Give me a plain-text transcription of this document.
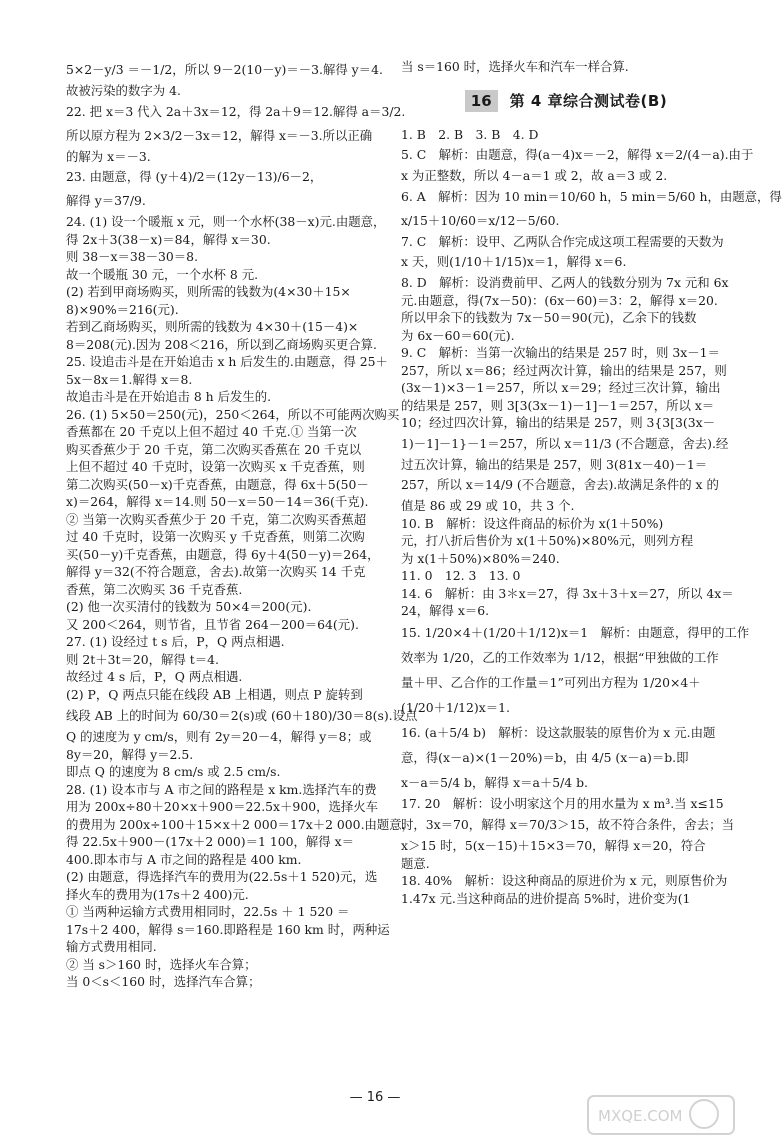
5×2－y/3 ＝－1/2，所以 9－2(10－y)＝－3.解得 y＝4.
故被污染的数字为 4.
22. 把 x＝3 代入 2a＋3x＝12，得 2a＋9＝12.解得 a＝3/2.
所以原方程为 2×3/2－3x＝12，解得 x＝－3.所以正确
的解为 x＝－3.
23. 由题意，得 (y＋4)/2＝(12y－13)/6－2，
解得 y＝37/9.
24. (1) 设一个暖瓶 x 元，则一个水杯(38－x)元.由题意，
得 2x＋3(38－x)＝84，解得 x＝30.
则 38－x＝38－30＝8.
故一个暖瓶 30 元，一个水杯 8 元.
(2) 若到甲商场购买，则所需的钱数为(4×30＋15×
8)×90%＝216(元).
若到乙商场购买，则所需的钱数为 4×30＋(15－4)×
8＝208(元).因为 208＜216，所以到乙商场购买更合算.
25. 设追击斗是在开始追击 x h 后发生的.由题意，得 25＋
5x－8x＝1.解得 x＝8.
故追击斗是在开始追击 8 h 后发生的.
26. (1) 5×50＝250(元)，250＜264，所以不可能两次购买
香蕉都在 20 千克以上但不超过 40 千克.① 当第一次
购买香蕉少于 20 千克，第二次购买香蕉在 20 千克以
上但不超过 40 千克时，设第一次购买 x 千克香蕉，则
第二次购买(50－x)千克香蕉，由题意，得 6x＋5(50－
x)＝264，解得 x＝14.则 50－x＝50－14＝36(千克).
② 当第一次购买香蕉少于 20 千克，第二次购买香蕉超
过 40 千克时，设第一次购买 y 千克香蕉，则第二次购
买(50－y)千克香蕉，由题意，得 6y＋4(50－y)＝264，
解得 y＝32(不符合题意，舍去).故第一次购买 14 千克
香蕉，第二次购买 36 千克香蕉.
(2) 他一次买清付的钱数为 50×4＝200(元).
又 200＜264，则节省，且节省 264－200＝64(元).
27. (1) 设经过 t s 后，P，Q 两点相遇.
则 2t＋3t＝20，解得 t＝4.
故经过 4 s 后，P，Q 两点相遇.
(2) P，Q 两点只能在线段 AB 上相遇，则点 P 旋转到
线段 AB 上的时间为 60/30＝2(s)或 (60＋180)/30＝8(s).设点
Q 的速度为 y cm/s，则有 2y＝20－4，解得 y＝8；或
8y＝20，解得 y＝2.5.
即点 Q 的速度为 8 cm/s 或 2.5 cm/s.
28. (1) 设本市与 A 市之间的路程是 x km.选择汽车的费
用为 200x÷80＋20×x＋900＝22.5x＋900，选择火车
的费用为 200x÷100＋15×x＋2 000＝17x＋2 000.由题意，
得 22.5x＋900－(17x＋2 000)＝1 100，解得 x＝
400.即本市与 A 市之间的路程是 400 km.
(2) 由题意，得选择汽车的费用为(22.5s＋1 520)元，选
择火车的费用为(17s＋2 400)元.
① 当两种运输方式费用相同时，22.5s ＋ 1 520 ＝
17s＋2 400，解得 s＝160.即路程是 160 km 时，两种运
输方式费用相同.
② 当 s＞160 时，选择火车合算；
当 0＜s＜160 时，选择汽车合算；
当 s＝160 时，选择火车和汽车一样合算.
16	第 4 章综合测试卷(B)
1. B　2. B　3. B　4. D
5. C　解析：由题意，得(a－4)x＝－2，解得 x＝2/(4－a).由于
x 为正整数，所以 4－a＝1 或 2，故 a＝3 或 2.
6. A　解析：因为 10 min＝10/60 h，5 min＝5/60 h，由题意，得
x/15＋10/60＝x/12－5/60.
7. C　解析：设甲、乙两队合作完成这项工程需要的天数为
x 天，则(1/10＋1/15)x＝1，解得 x＝6.
8. D　解析：设消费前甲、乙两人的钱数分别为 7x 元和 6x
元.由题意，得(7x－50)：(6x－60)＝3：2，解得 x＝20.
所以甲余下的钱数为 7x－50＝90(元)，乙余下的钱数
为 6x－60＝60(元).
9. C　解析：当第一次输出的结果是 257 时，则 3x－1＝
257，所以 x＝86；经过两次计算，输出的结果是 257，则
(3x－1)×3－1＝257，所以 x＝29；经过三次计算，输出
的结果是 257，则 3[3(3x－1)－1]－1＝257，所以 x＝
10；经过四次计算，输出的结果是 257，则 3{3[3(3x－
1)－1]－1}－1＝257，所以 x＝11/3 (不合题意，舍去).经
过五次计算，输出的结果是 257，则 3(81x－40)－1＝
257，所以 x＝14/9 (不合题意，舍去).故满足条件的 x 的
值是 86 或 29 或 10，共 3 个.
10. B　解析：设这件商品的标价为 x(1＋50%)
元，打八折后售价为 x(1＋50%)×80%元，则列方程
为 x(1＋50%)×80%＝240.
11. 0　12. 3　13. 0
14. 6　解析：由 3＊x＝27，得 3x＋3＋x＝27，所以 4x＝
24，解得 x＝6.
15. 1/20×4＋(1/20＋1/12)x＝1　解析：由题意，得甲的工作
效率为 1/20，乙的工作效率为 1/12，根据“甲独做的工作
量＋甲、乙合作的工作量＝1”可列出方程为 1/20×4＋
(1/20＋1/12)x＝1.
16. (a＋5/4 b)　解析：设这款服装的原售价为 x 元.由题
意，得(x－a)×(1－20%)＝b，由 4/5 (x－a)＝b.即
x－a＝5/4 b，解得 x＝a＋5/4 b.
17. 20　解析：设小明家这个月的用水量为 x m³.当 x≤15
时，3x＝70，解得 x＝70/3＞15，故不符合条件，舍去；当
x＞15 时，5(x－15)＋15×3＝70，解得 x＝20，符合
题意.
18. 40%　解析：设这种商品的原进价为 x 元，则原售价为
1.47x 元.当这种商品的进价提高 5%时，进价变为(1
— 16 —
MXQE.COM
